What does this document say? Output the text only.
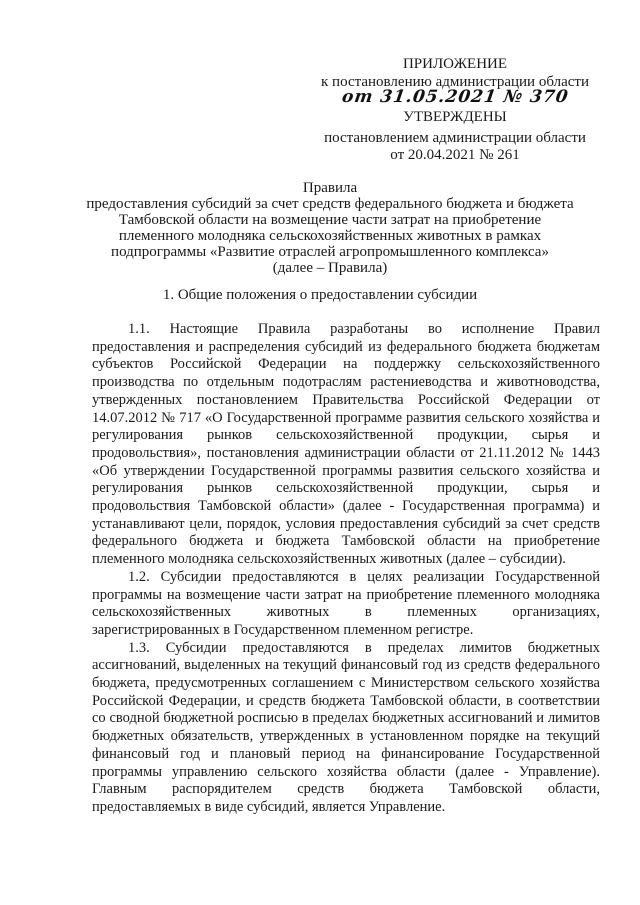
ПРИЛОЖЕНИЕ
к постановлению администрации области
от 31.05.2021 № 370
УТВЕРЖДЕНЫ
постановлением администрации области
от 20.04.2021 № 261
Правила
предоставления субсидий за счет средств федерального бюджета и бюджета
Тамбовской области на возмещение части затрат на приобретение
племенного молодняка сельскохозяйственных животных в рамках
подпрограммы «Развитие отраслей агропромышленного комплекса»
(далее – Правила)
1. Общие положения о предоставлении субсидии

1.1. Настоящие Правила разработаны во исполнение Правил предоставления и распределения субсидий из федерального бюджета бюджетам субъектов Российской Федерации на поддержку сельскохозяйственного производства по отдельным подотраслям растениеводства и животноводства, утвержденных постановлением Правительства Российской Федерации от 14.07.2012 № 717 «О Государственной программе развития сельского хозяйства и регулирования рынков сельскохозяйственной продукции, сырья и продовольствия», постановления администрации области от 21.11.2012 № 1443 «Об утверждении Государственной программы развития сельского хозяйства и регулирования рынков сельскохозяйственной продукции, сырья и продовольствия Тамбовской области» (далее - Государственная программа) и устанавливают цели, порядок, условия предоставления субсидий за счет средств федерального бюджета и бюджета Тамбовской области на приобретение племенного молодняка сельскохозяйственных животных (далее – субсидии).

1.2. Субсидии предоставляются в целях реализации Государственной программы на возмещение части затрат на приобретение племенного молодняка сельскохозяйственных животных в племенных организациях, зарегистрированных в Государственном племенном регистре.

1.3. Субсидии предоставляются в пределах лимитов бюджетных ассигнований, выделенных на текущий финансовый год из средств федерального бюджета, предусмотренных соглашением с Министерством сельского хозяйства Российской Федерации, и средств бюджета Тамбовской области, в соответствии со сводной бюджетной росписью в пределах бюджетных ассигнований и лимитов бюджетных обязательств, утвержденных в установленном порядке на текущий финансовый год и плановый период на финансирование Государственной программы управлению сельского хозяйства области (далее - Управление). Главным распорядителем средств бюджета Тамбовской области, предоставляемых в виде субсидий, является Управление.
